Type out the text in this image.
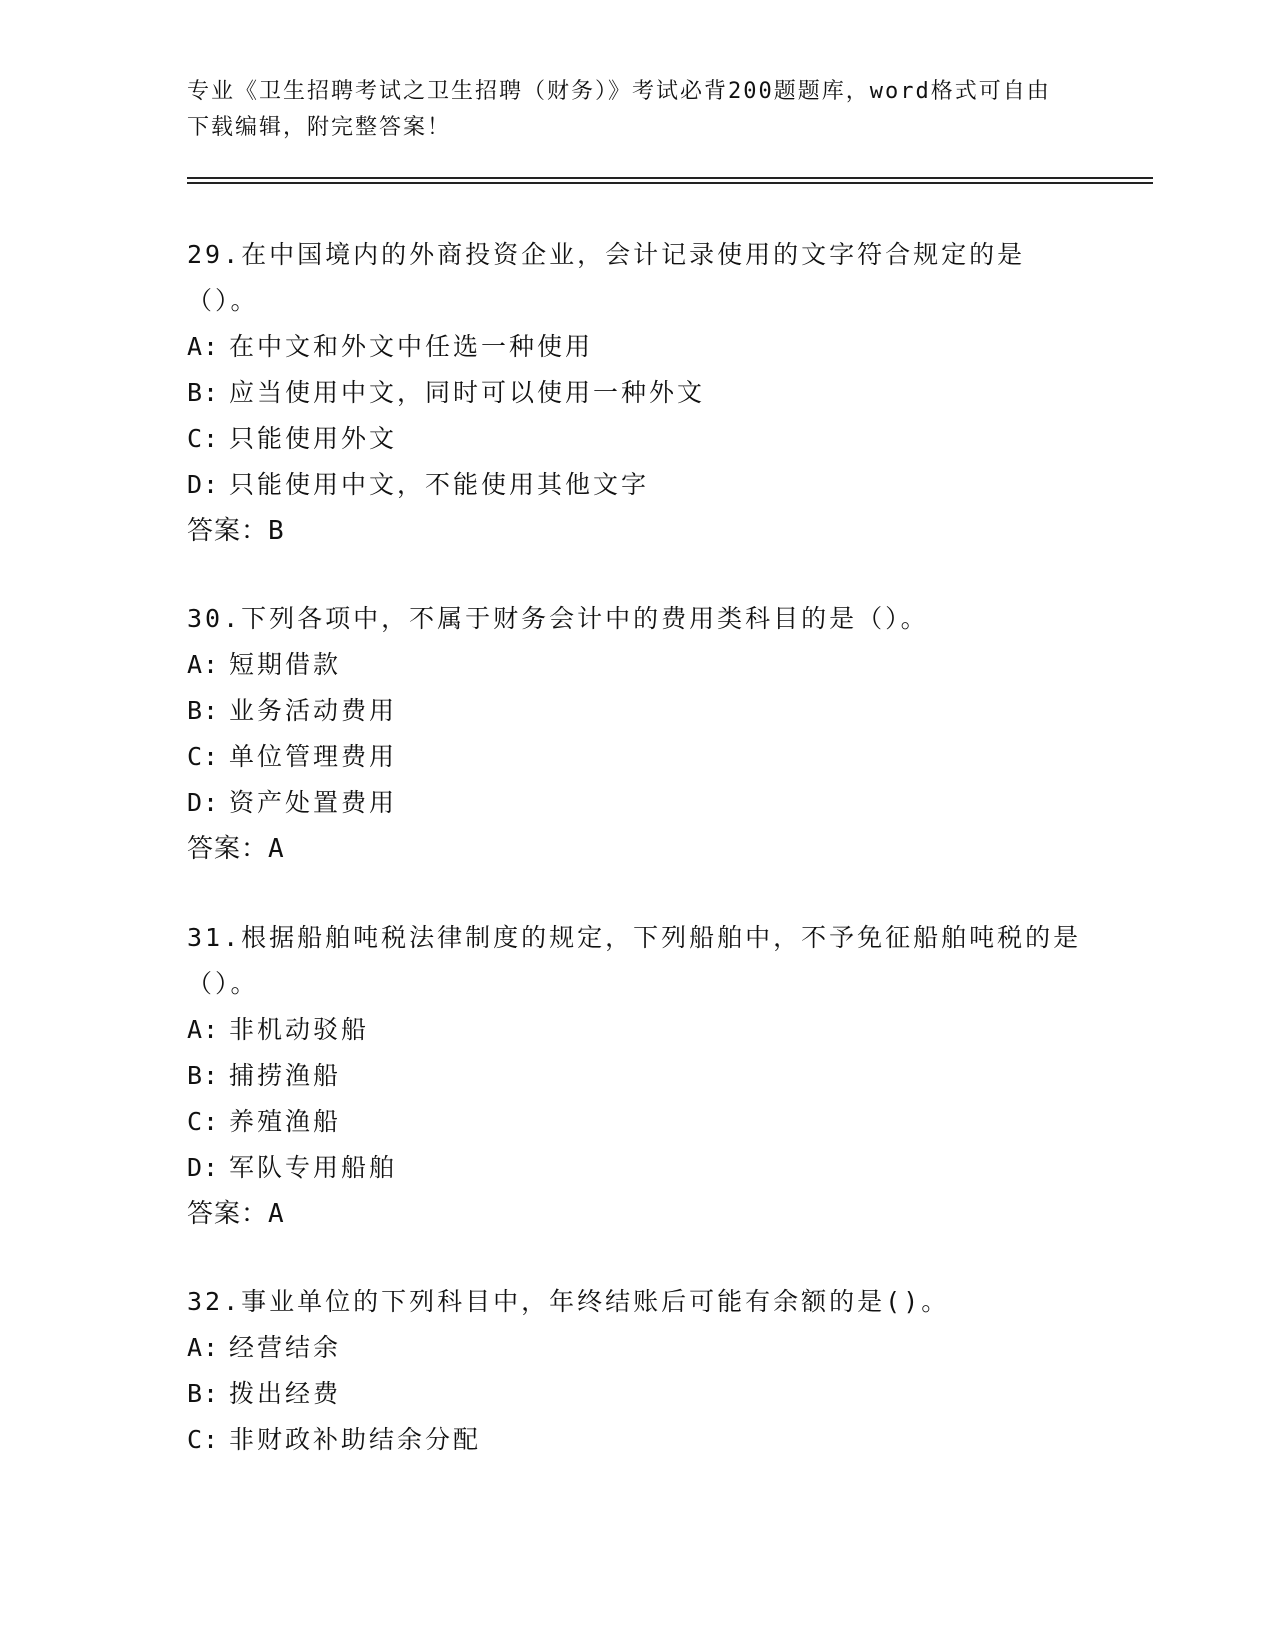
专业《卫生招聘考试之卫生招聘（财务）》考试必背200题题库，word格式可自由下载编辑，附完整答案！

29.在中国境内的外商投资企业，会计记录使用的文字符合规定的是（）。

A: 在中文和外文中任选一种使用
B: 应当使用中文，同时可以使用一种外文
C: 只能使用外文
D: 只能使用中文，不能使用其他文字
答案：B

30.下列各项中，不属于财务会计中的费用类科目的是（）。

A: 短期借款
B: 业务活动费用
C: 单位管理费用
D: 资产处置费用
答案：A

31.根据船舶吨税法律制度的规定，下列船舶中，不予免征船舶吨税的是（）。

A: 非机动驳船
B: 捕捞渔船
C: 养殖渔船
D: 军队专用船舶
答案：A

32.事业单位的下列科目中，年终结账后可能有余额的是()。

A: 经营结余
B: 拨出经费
C: 非财政补助结余分配
